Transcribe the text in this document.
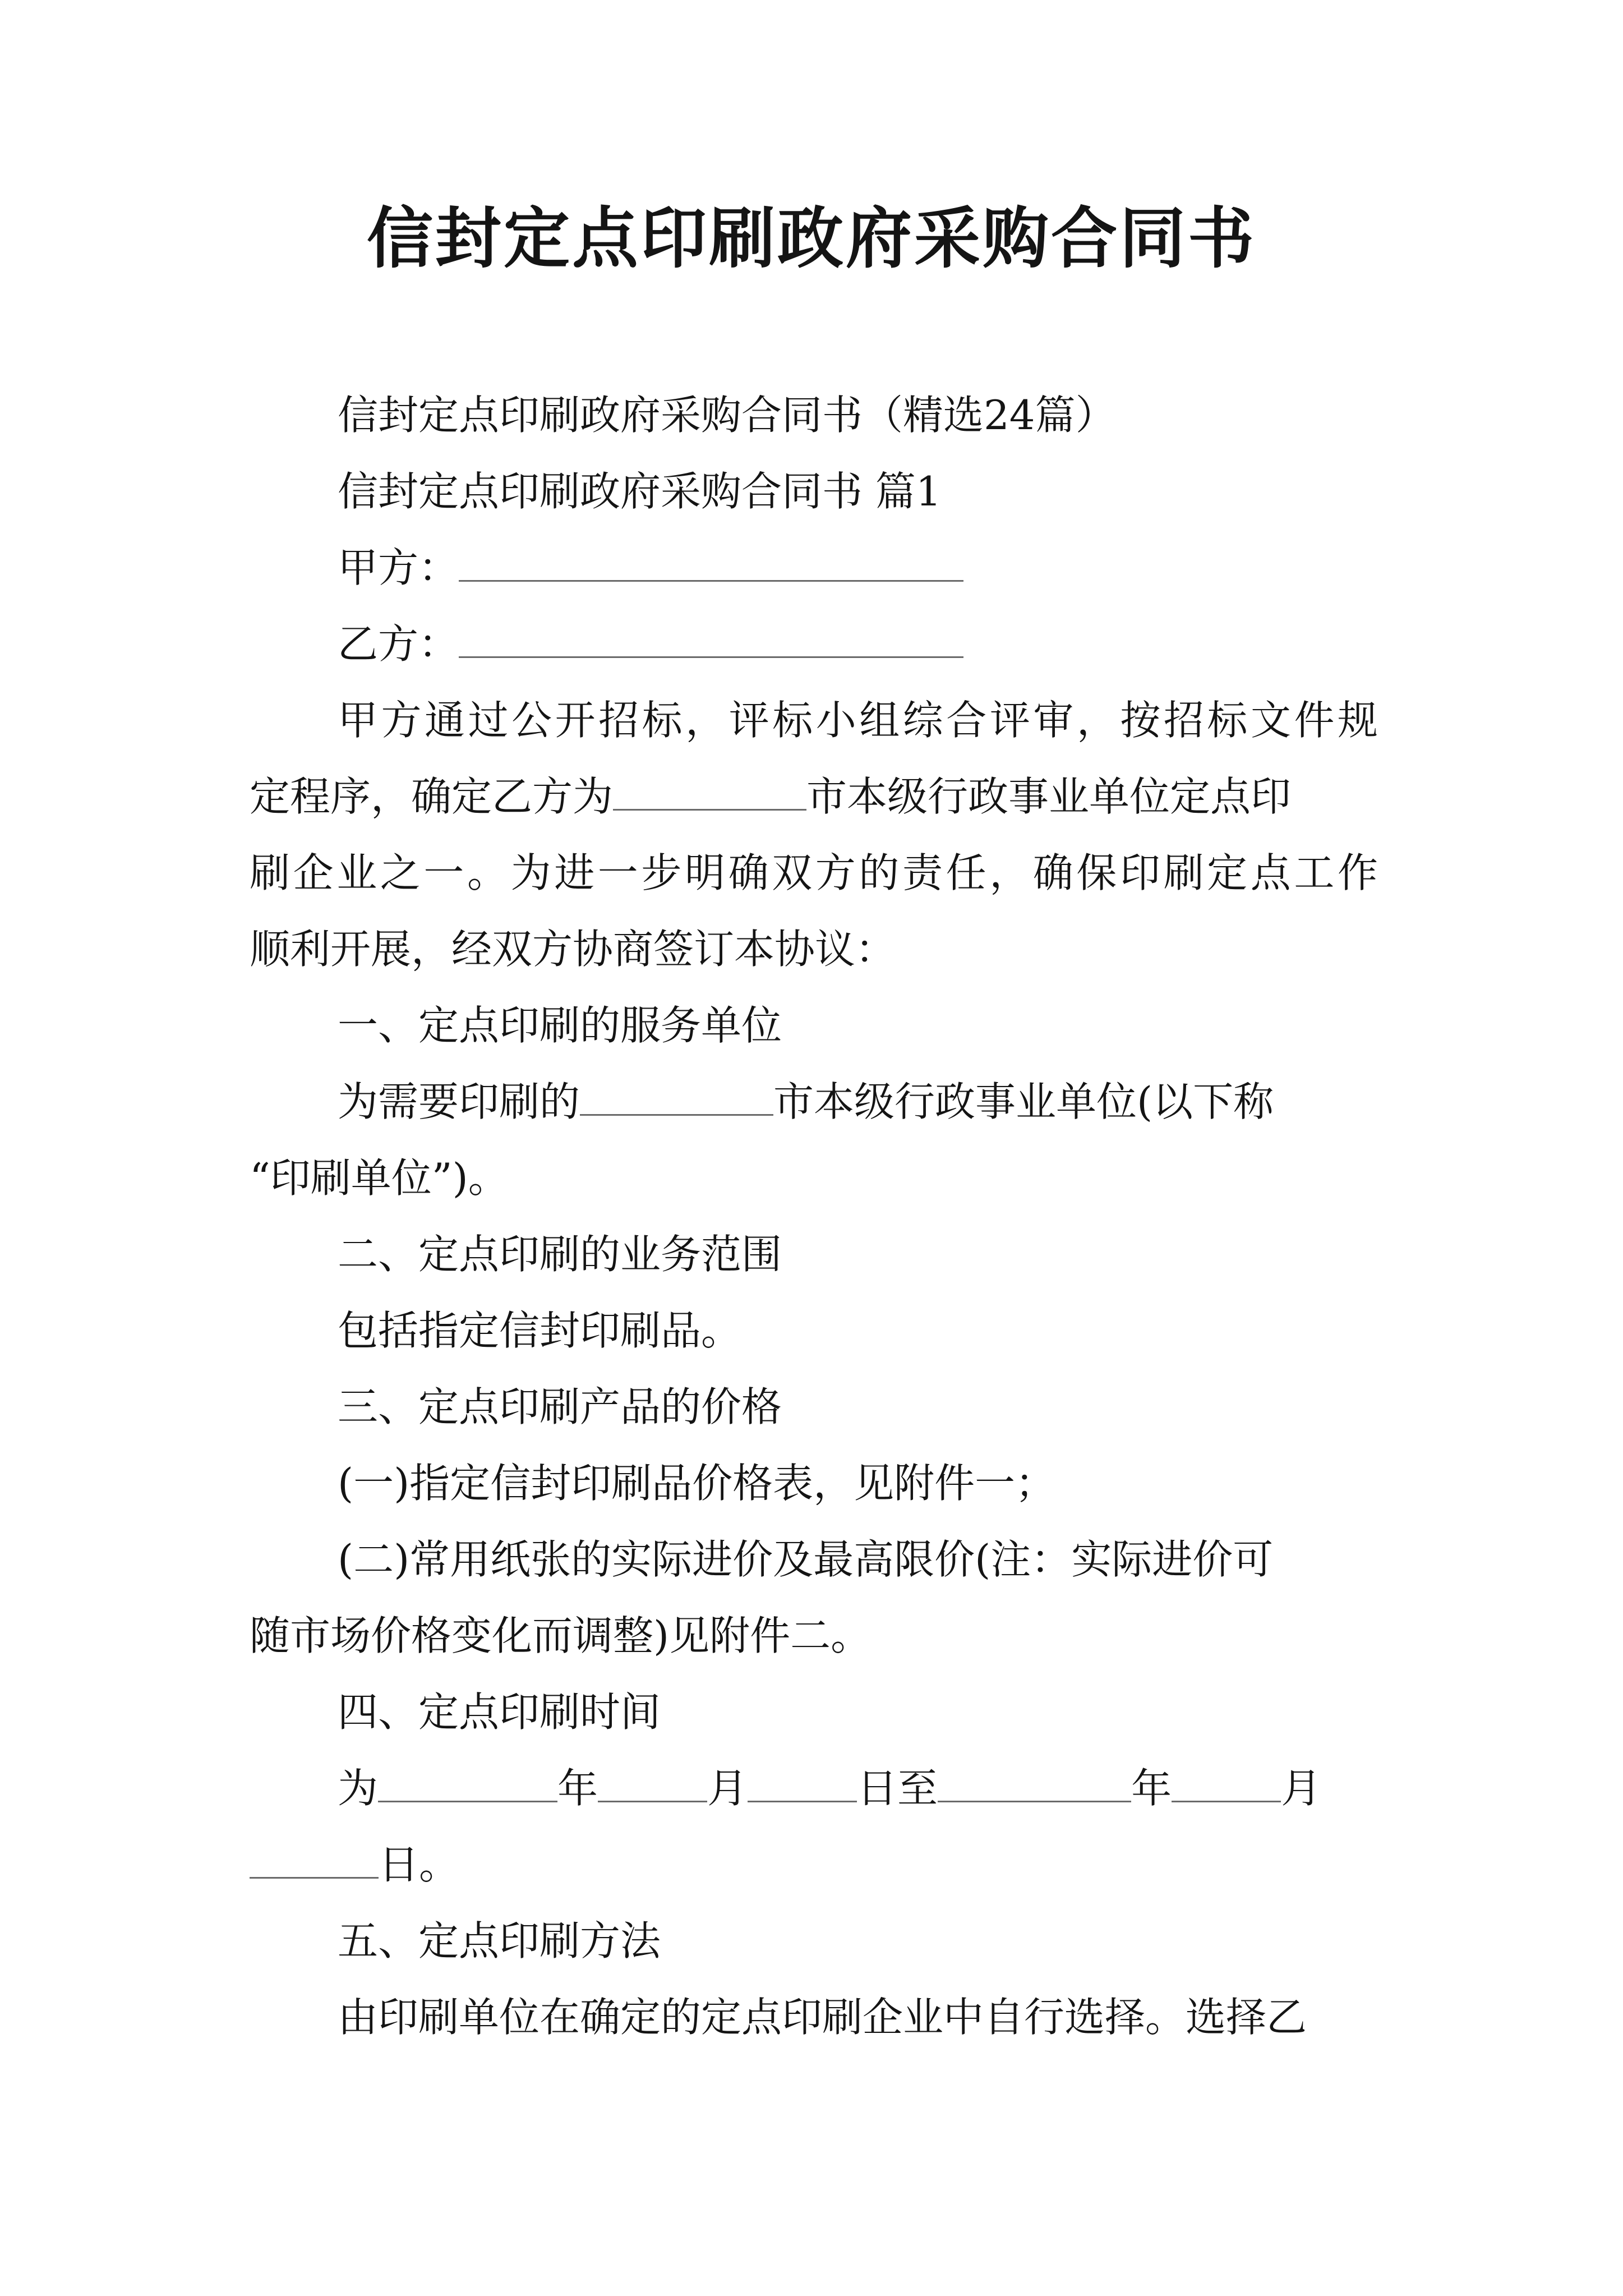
信封定点印刷政府采购合同书
信封定点印刷政府采购合同书（精选24篇）
信封定点印刷政府采购合同书 篇1
甲方：
乙方：
甲方通过公开招标，评标小组综合评审，按招标文件规
定程序，确定乙方为	市本级行政事业单位定点印
刷企业之一。为进一步明确双方的责任，确保印刷定点工作
顺利开展，经双方协商签订本协议：
一、定点印刷的服务单位
为需要印刷的	市本级行政事业单位(以下称
“印刷单位”)。
二、定点印刷的业务范围
包括指定信封印刷品。
三、定点印刷产品的价格
(一)指定信封印刷品价格表，见附件一；
(二)常用纸张的实际进价及最高限价(注：实际进价可
随市场价格变化而调整)见附件二。
四、定点印刷时间
为	年	月	日至	年	月
日。
五、定点印刷方法
由印刷单位在确定的定点印刷企业中自行选择。选择乙
